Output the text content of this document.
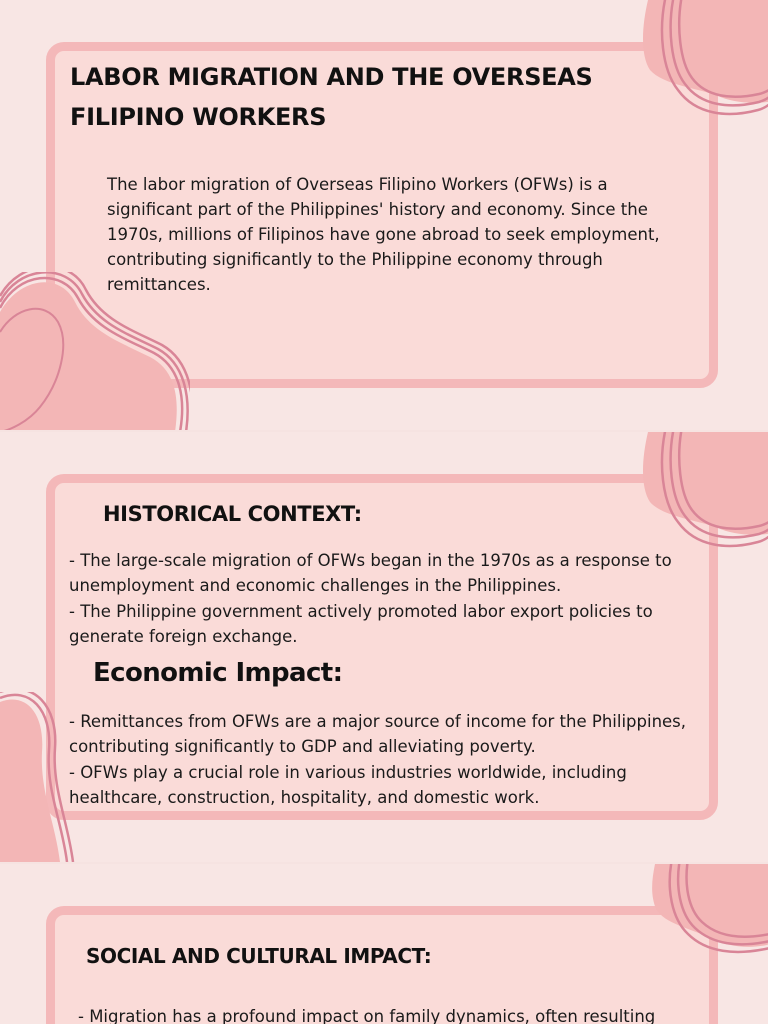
LABOR MIGRATION AND THE OVERSEAS FILIPINO WORKERS

The labor migration of Overseas Filipino Workers (OFWs) is a significant part of the Philippines' history and economy. Since the 1970s, millions of Filipinos have gone abroad to seek employment, contributing significantly to the Philippine economy through remittances.

HISTORICAL CONTEXT:
- The large-scale migration of OFWs began in the 1970s as a response to unemployment and economic challenges in the Philippines.
- The Philippine government actively promoted labor export policies to generate foreign exchange.
Economic Impact:
- Remittances from OFWs are a major source of income for the Philippines, contributing significantly to GDP and alleviating poverty.
- OFWs play a crucial role in various industries worldwide, including healthcare, construction, hospitality, and domestic work.
SOCIAL AND CULTURAL IMPACT:
- Migration has a profound impact on family dynamics, often resulting
